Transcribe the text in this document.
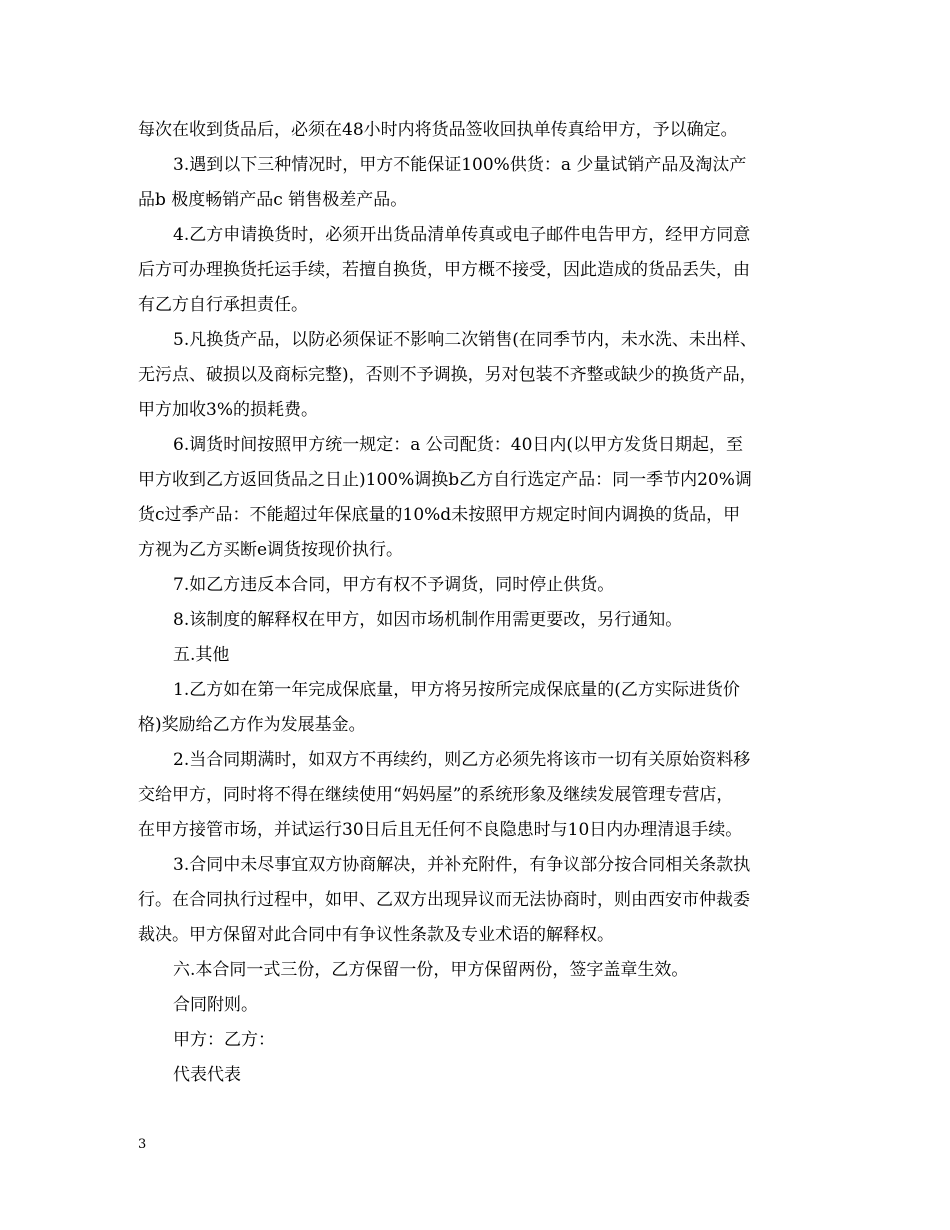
每次在收到货品后，必须在48小时内将货品签收回执单传真给甲方，予以确定。
3.遇到以下三种情况时，甲方不能保证100%供货：a 少量试销产品及淘汰产
品b 极度畅销产品c 销售极差产品。
4.乙方申请换货时，必须开出货品清单传真或电子邮件电告甲方，经甲方同意
后方可办理换货托运手续，若擅自换货，甲方概不接受，因此造成的货品丢失，由
有乙方自行承担责任。
5.凡换货产品，以防必须保证不影响二次销售(在同季节内，未水洗、未出样、
无污点、破损以及商标完整)，否则不予调换，另对包装不齐整或缺少的换货产品，
甲方加收3%的损耗费。
6.调货时间按照甲方统一规定：a 公司配货：40日内(以甲方发货日期起，至
甲方收到乙方返回货品之日止)100%调换b乙方自行选定产品：同一季节内20%调
货c过季产品：不能超过年保底量的10%d未按照甲方规定时间内调换的货品，甲
方视为乙方买断e调货按现价执行。
7.如乙方违反本合同，甲方有权不予调货，同时停止供货。
8.该制度的解释权在甲方，如因市场机制作用需更要改，另行通知。
五.其他
1.乙方如在第一年完成保底量，甲方将另按所完成保底量的(乙方实际进货价
格)奖励给乙方作为发展基金。
2.当合同期满时，如双方不再续约，则乙方必须先将该市一切有关原始资料移
交给甲方，同时将不得在继续使用“妈妈屋”的系统形象及继续发展管理专营店，
在甲方接管市场，并试运行30日后且无任何不良隐患时与10日内办理清退手续。
3.合同中未尽事宜双方协商解决，并补充附件，有争议部分按合同相关条款执
行。在合同执行过程中，如甲、乙双方出现异议而无法协商时，则由西安市仲裁委
裁决。甲方保留对此合同中有争议性条款及专业术语的解释权。
六.本合同一式三份，乙方保留一份，甲方保留两份，签字盖章生效。
合同附则。
甲方：乙方：
代表代表
3
